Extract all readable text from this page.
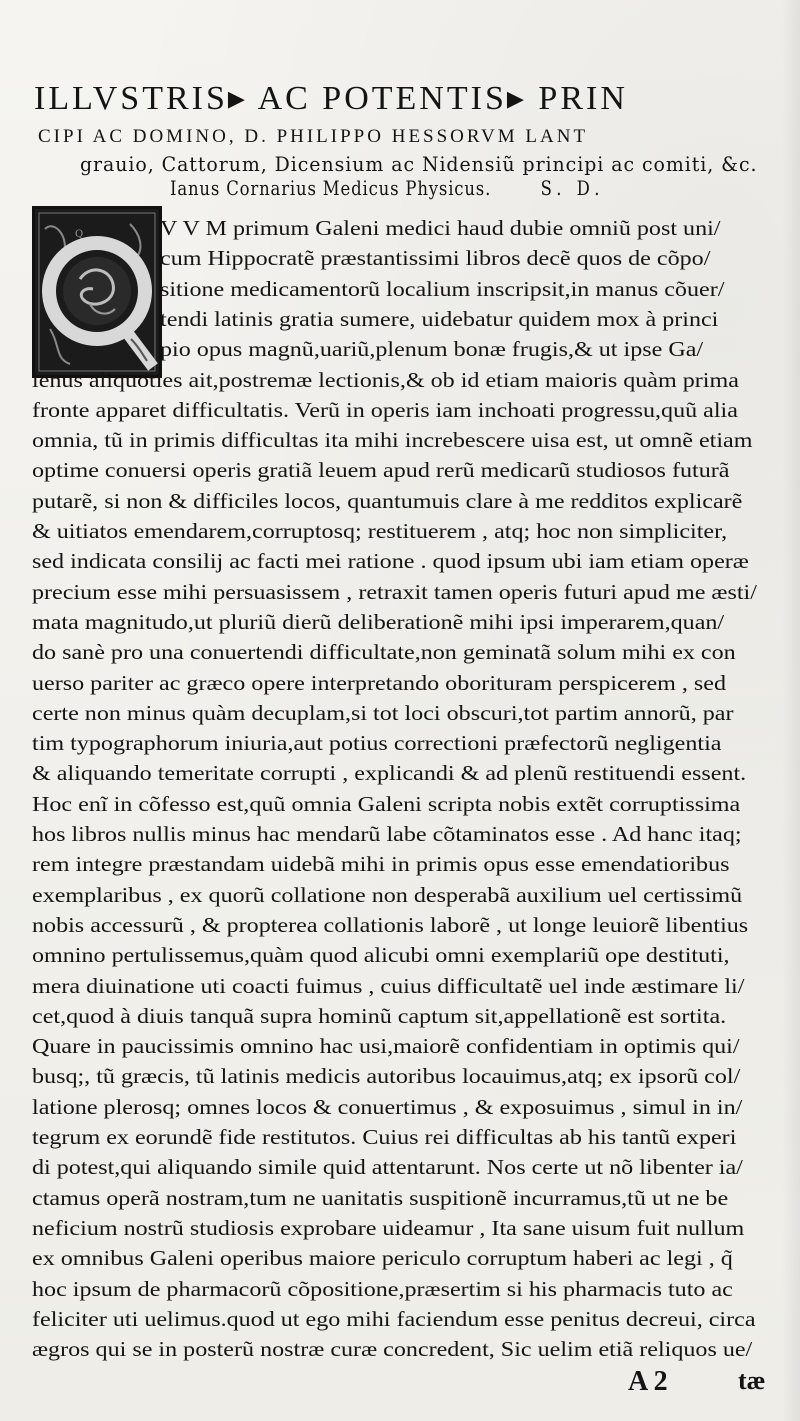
ILLVSTRIS▸ AC POTENTIS▸ PRIN
CIPI AC DOMINO, D. PHILIPPO HESSORVM LANT
grauio, Cattorum, Dicensium ac Nidensiũ principi ac comiti, &c.
Ianus Cornarius Medicus Physicus. S. D.
Q	V V M primum Galeni medici haud dubie omniũ post uni/
cum Hippocratẽ præstantissimi libros decẽ quos de cõpo/
sitione medicamentorũ localium inscripsit,in manus cõuer/
tendi latinis gratia sumere, uidebatur quidem mox à princi
pio opus magnũ,uariũ,plenum bonæ frugis,& ut ipse Ga/
lenus aliquoties ait,postremæ lectionis,& ob id etiam maioris quàm prima
fronte apparet difficultatis. Verũ in operis iam inchoati progressu,quũ alia
omnia, tũ in primis difficultas ita mihi increbescere uisa est, ut omnẽ etiam
optime conuersi operis gratiã leuem apud rerũ medicarũ studiosos futurã
putarẽ, si non & difficiles locos, quantumuis clare à me redditos explicarẽ
& uitiatos emendarem,corruptosq; restituerem , atq; hoc non simpliciter,
sed indicata consilij ac facti mei ratione . quod ipsum ubi iam etiam operæ
precium esse mihi persuasissem , retraxit tamen operis futuri apud me æsti/
mata magnitudo,ut pluriũ dierũ deliberationẽ mihi ipsi imperarem,quan/
do sanè pro una conuertendi difficultate,non geminatã solum mihi ex con
uerso pariter ac græco opere interpretando oborituram perspicerem , sed
certe non minus quàm decuplam,si tot loci obscuri,tot partim annorũ, par
tim typographorum iniuria,aut potius correctioni præfectorũ negligentia
& aliquando temeritate corrupti , explicandi & ad plenũ restituendi essent.
Hoc enĩ in cõfesso est,quũ omnia Galeni scripta nobis extẽt corruptissima
hos libros nullis minus hac mendarũ labe cõtaminatos esse . Ad hanc itaq;
rem integre præstandam uidebã mihi in primis opus esse emendatioribus
exemplaribus , ex quorũ collatione non desperabã auxilium uel certissimũ
nobis accessurũ , & propterea collationis laborẽ , ut longe leuiorẽ libentius
omnino pertulissemus,quàm quod alicubi omni exemplariũ ope destituti,
mera diuinatione uti coacti fuimus , cuius difficultatẽ uel inde æstimare li/
cet,quod à diuis tanquã supra hominũ captum sit,appellationẽ est sortita.
Quare in paucissimis omnino hac usi,maiorẽ confidentiam in optimis qui/
busq;, tũ græcis, tũ latinis medicis autoribus locauimus,atq; ex ipsorũ col/
latione plerosq; omnes locos & conuertimus , & exposuimus , simul in in/
tegrum ex eorundẽ fide restitutos. Cuius rei difficultas ab his tantũ experi
di potest,qui aliquando simile quid attentarunt. Nos certe ut nõ libenter ia/
ctamus operã nostram,tum ne uanitatis suspitionẽ incurramus,tũ ut ne be
neficium nostrũ studiosis exprobare uideamur , Ita sane uisum fuit nullum
ex omnibus Galeni operibus maiore periculo corruptum haberi ac legi , q̃
hoc ipsum de pharmacorũ cõpositione,præsertim si his pharmacis tuto ac
feliciter uti uelimus.quod ut ego mihi faciendum esse penitus decreui, circa
ægros qui se in posterũ nostræ curæ concredent, Sic uelim etiã reliquos ue/
A 2	tæ
